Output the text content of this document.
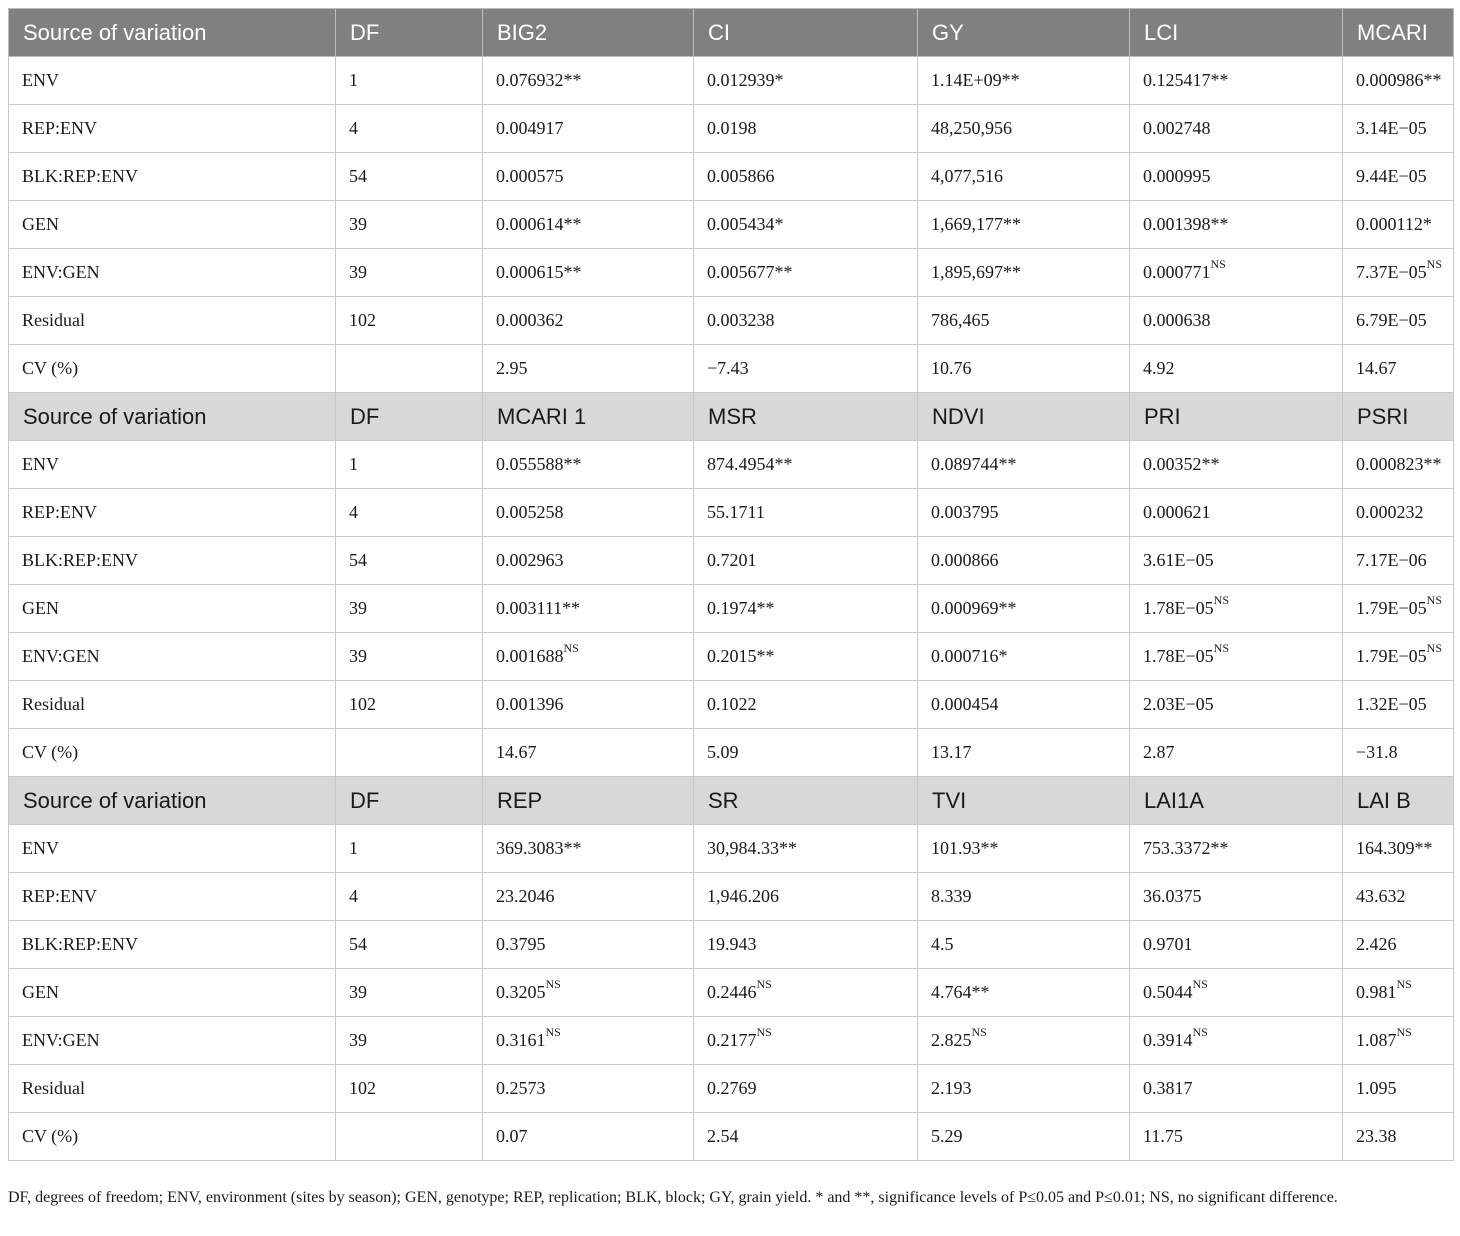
Source of variation	DF	BIG2	CI	GY	LCI	MCARI
ENV	1	0.076932**	0.012939*	1.14E+09**	0.125417**	0.000986**
REP:ENV	4	0.004917	0.0198	48,250,956	0.002748	3.14E−05
BLK:REP:ENV	54	0.000575	0.005866	4,077,516	0.000995	9.44E−05
GEN	39	0.000614**	0.005434*	1,669,177**	0.001398**	0.000112*
ENV:GEN	39	0.000615**	0.005677**	1,895,697**	$0.000771^{NS}$	$7.37E-05^{NS}$
Residual	102	0.000362	0.003238	786,465	0.000638	6.79E−05
CV (%)		2.95	−7.43	10.76	4.92	14.67
Source of variation	DF	MCARI 1	MSR	NDVI	PRI	PSRI
ENV	1	0.055588**	874.4954**	0.089744**	0.00352**	0.000823**
REP:ENV	4	0.005258	55.1711	0.003795	0.000621	0.000232
BLK:REP:ENV	54	0.002963	0.7201	0.000866	3.61E−05	7.17E−06
GEN	39	0.003111**	0.1974**	0.000969**	$1.78E-05^{NS}$	$1.79E-05^{NS}$
ENV:GEN	39	$0.001688^{NS}$	0.2015**	0.000716*	$1.78E-05^{NS}$	$1.79E-05^{NS}$
Residual	102	0.001396	0.1022	0.000454	2.03E−05	1.32E−05
CV (%)		14.67	5.09	13.17	2.87	−31.8
Source of variation	DF	REP	SR	TVI	LAI1A	LAI B
ENV	1	369.3083**	30,984.33**	101.93**	753.3372**	164.309**
REP:ENV	4	23.2046	1,946.206	8.339	36.0375	43.632
BLK:REP:ENV	54	0.3795	19.943	4.5	0.9701	2.426
GEN	39	$0.3205^{NS}$	$0.2446^{NS}$	4.764**	$0.5044^{NS}$	$0.981^{NS}$
ENV:GEN	39	$0.3161^{NS}$	$0.2177^{NS}$	$2.825^{NS}$	$0.3914^{NS}$	$1.087^{NS}$
Residual	102	0.2573	0.2769	2.193	0.3817	1.095
CV (%)		0.07	2.54	5.29	11.75	23.38
DF, degrees of freedom; ENV, environment (sites by season); GEN, genotype; REP, replication; BLK, block; GY, grain yield. * and **, significance levels of P≤0.05 and P≤0.01; NS, no significant difference.
